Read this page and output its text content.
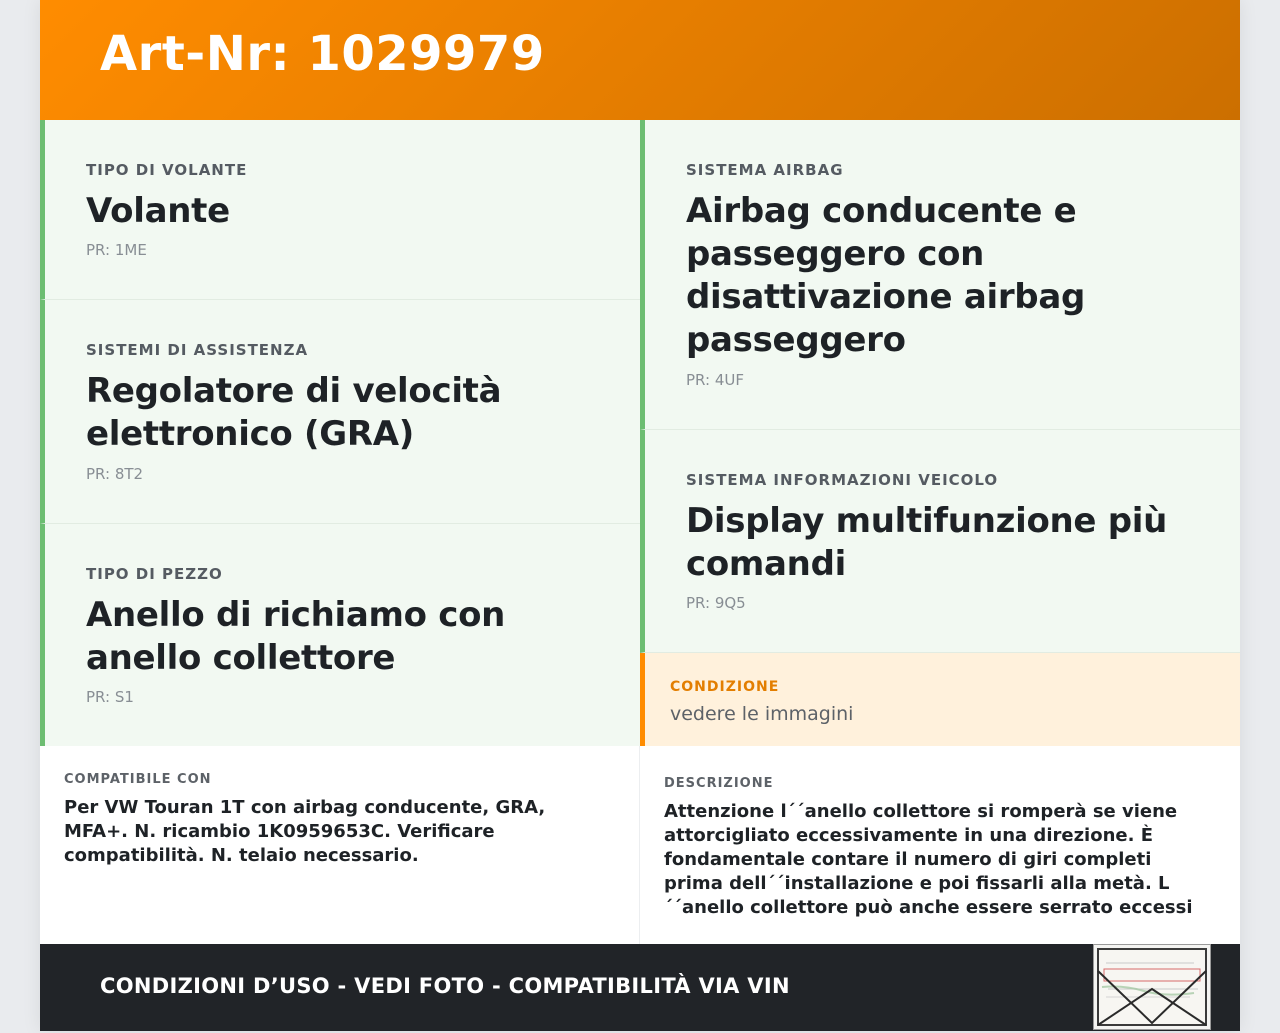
Art-Nr: 1029979
TIPO DI VOLANTE
Volante
PR: 1ME
SISTEMI DI ASSISTENZA
Regolatore di velocità elettronico (GRA)
PR: 8T2
TIPO DI PEZZO
Anello di richiamo con anello collettore
PR: S1
SISTEMA AIRBAG
Airbag conducente e passeggero con disattivazione airbag passeggero
PR: 4UF
SISTEMA INFORMAZIONI VEICOLO
Display multifunzione più comandi
PR: 9Q5
CONDIZIONE
vedere le immagini
COMPATIBILE CON
Per VW Touran 1T con airbag conducente, GRA, MFA+. N. ricambio 1K0959653C. Verificare compatibilità. N. telaio necessario.
DESCRIZIONE
Attenzione l´´anello collettore si romperà se viene attorcigliato eccessivamente in una direzione. È fondamentale contare il numero di giri completi prima dell´´installazione e poi fissarli alla metà. L´´anello collettore può anche essere serrato eccessi
CONDIZIONI D’USO - VEDI FOTO - COMPATIBILITÀ VIA VIN
